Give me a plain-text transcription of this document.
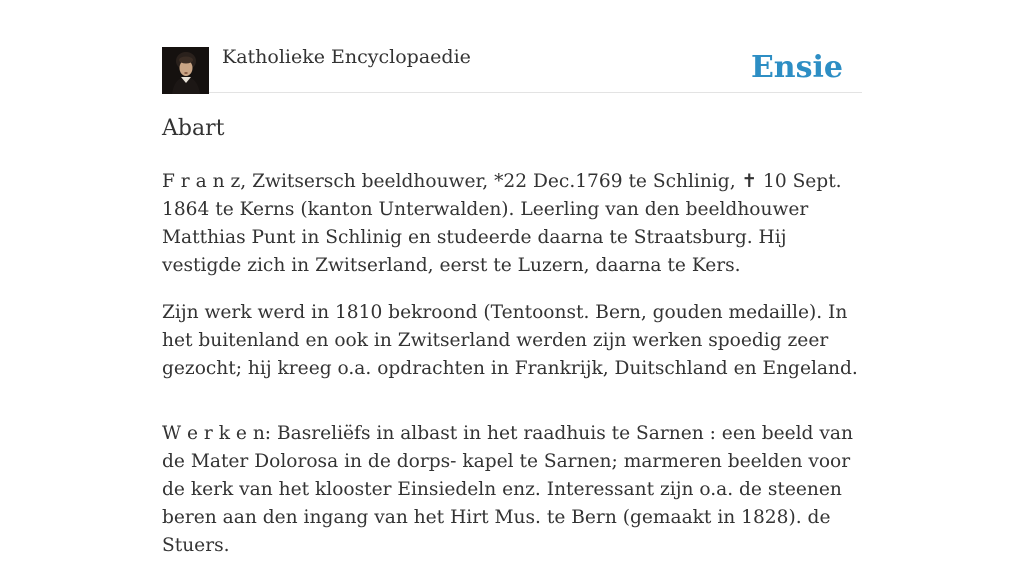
Katholieke Encyclopaedie	Ensie
Abart

F r a n z, Zwitsersch beeldhouwer, *22 Dec.1769 te Schlinig, ✝ 10 Sept. 1864 te Kerns (kanton Unterwalden). Leerling van den beeldhouwer Matthias Punt in Schlinig en studeerde daarna te Straatsburg. Hij vestigde zich in Zwitserland, eerst te Luzern, daarna te Kers.

Zijn werk werd in 1810 bekroond (Tentoonst. Bern, gouden medaille). In het buitenland en ook in Zwitserland werden zijn werken spoedig zeer gezocht; hij kreeg o.a. opdrachten in Frankrijk, Duitschland en Engeland.

W e r k e n: Basreliëfs in albast in het raadhuis te Sarnen : een beeld van de Mater Dolorosa in de dorps- kapel te Sarnen; marmeren beelden voor de kerk van het klooster Einsiedeln enz. Interessant zijn o.a. de steenen beren aan den ingang van het Hirt Mus. te Bern (gemaakt in 1828). de Stuers.
